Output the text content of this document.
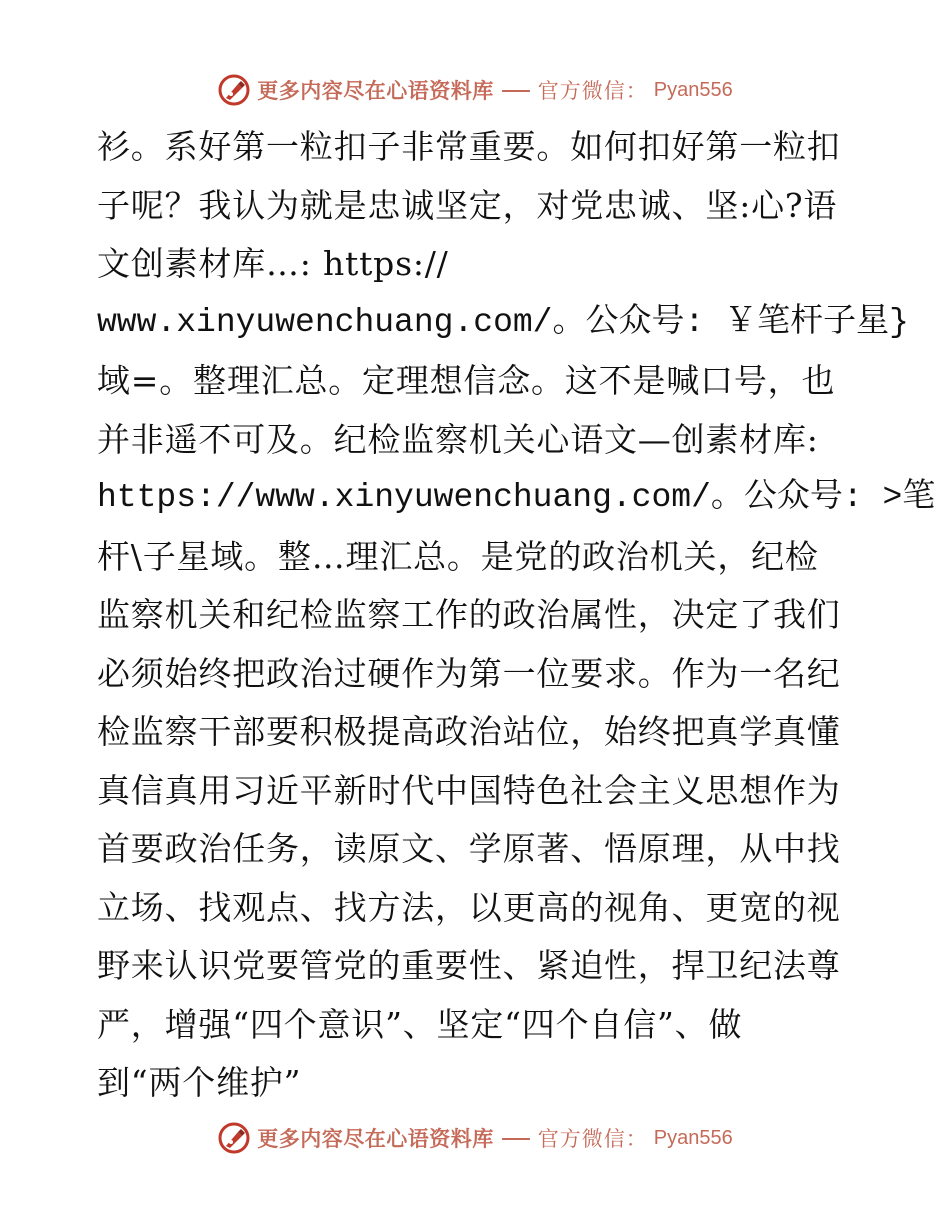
更多内容尽在心语资料库 官方微信： Pyan556
衫。系好第一粒扣子非常重要。如何扣好第一粒扣
子呢？我认为就是忠诚坚定，对党忠诚、坚:心?语
文创素材库…: https://
www.xinyuwenchuang.com/。公众号: ￥笔杆子星}
域=。整理汇总。定理想信念。这不是喊口号，也
并非遥不可及。纪检监察机关心语文—创素材库:
https://www.xinyuwenchuang.com/。公众号: >笔
杆\子星域。整…理汇总。是党的政治机关，纪检
监察机关和纪检监察工作的政治属性，决定了我们
必须始终把政治过硬作为第一位要求。作为一名纪
检监察干部要积极提高政治站位，始终把真学真懂
真信真用习近平新时代中国特色社会主义思想作为
首要政治任务，读原文、学原著、悟原理，从中找
立场、找观点、找方法，以更高的视角、更宽的视
野来认识党要管党的重要性、紧迫性，捍卫纪法尊
严，增强“四个意识”、坚定“四个自信”、做
到“两个维护”
更多内容尽在心语资料库 官方微信： Pyan556
